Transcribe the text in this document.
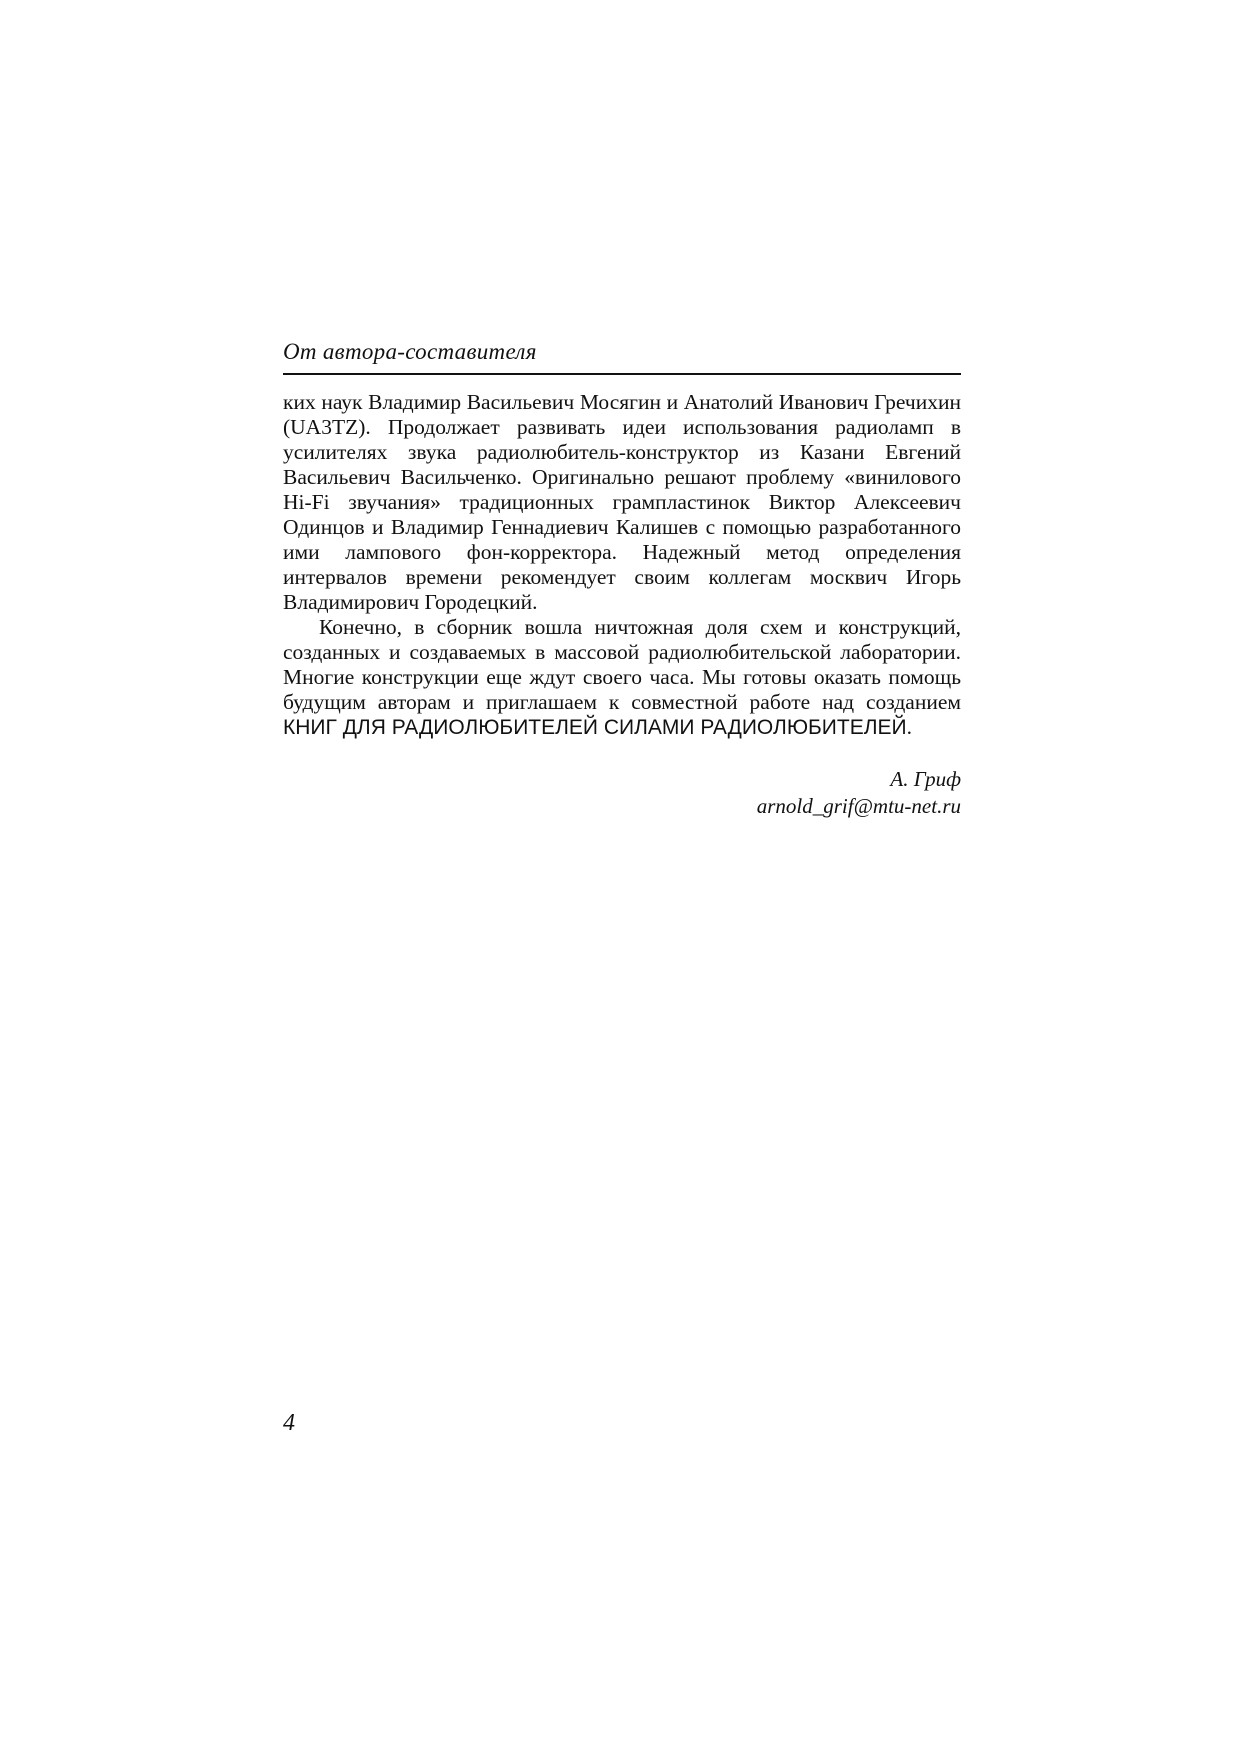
От автора-составителя

ких наук Владимир Васильевич Мосягин и Анатолий Иванович Гречихин (UA3TZ). Продолжает развивать идеи использования радиоламп в усилителях звука радиолюбитель-конструктор из Казани Евгений Васильевич Васильченко. Оригинально решают проблему «винилового Hi-Fi звучания» традиционных грампластинок Виктор Алексеевич Одинцов и Владимир Геннадиевич Калишев с помощью разработанного ими лампового фон-корректора. Надежный метод определения интервалов времени рекомендует своим коллегам москвич Игорь Владимирович Городецкий.

Конечно, в сборник вошла ничтожная доля схем и конструкций, созданных и создаваемых в массовой радиолюбительской лаборатории. Многие конструкции еще ждут своего часа. Мы готовы оказать помощь будущим авторам и приглашаем к совместной работе над созданием КНИГ ДЛЯ РАДИОЛЮБИТЕЛЕЙ СИЛАМИ РАДИОЛЮБИТЕЛЕЙ.

А. Гриф
arnold_grif@mtu-net.ru
4
